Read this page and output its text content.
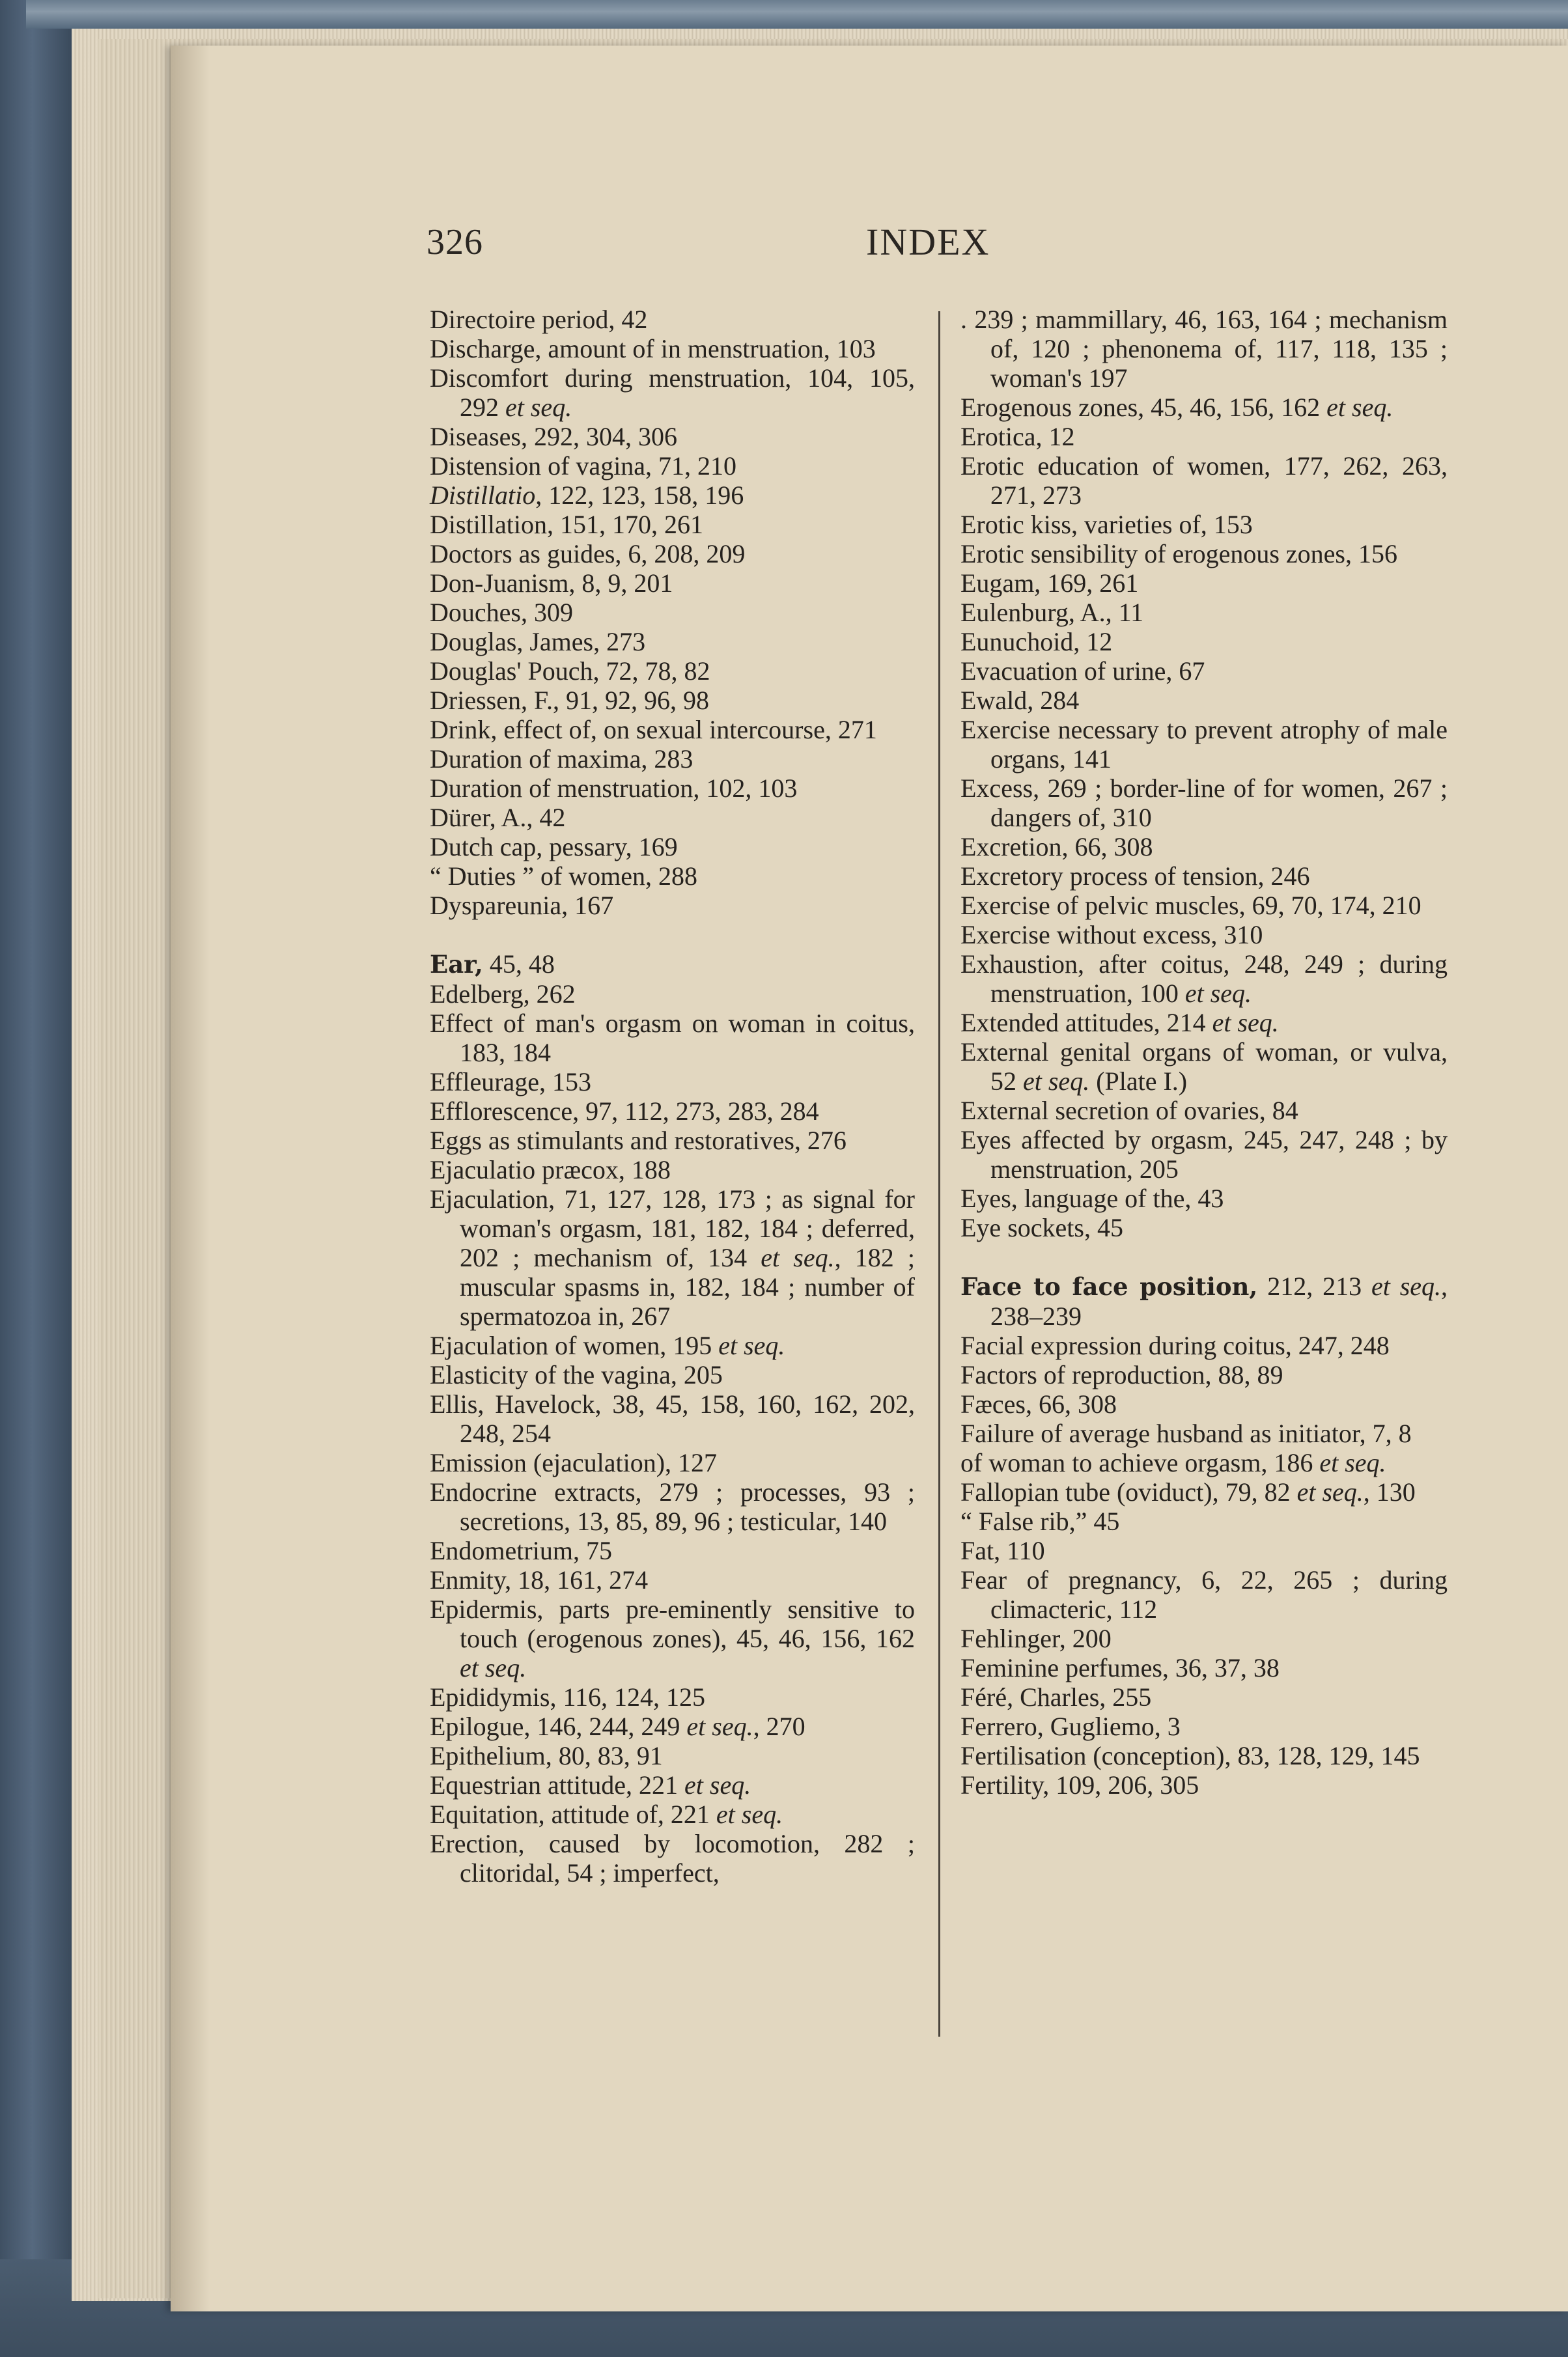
326	INDEX
Directoire period, 42
Discharge, amount of in menstruation, 103
Discomfort during menstruation, 104, 105, 292 et seq.
Diseases, 292, 304, 306
Distension of vagina, 71, 210
Distillatio, 122, 123, 158, 196
Distillation, 151, 170, 261
Doctors as guides, 6, 208, 209
Don-Juanism, 8, 9, 201
Douches, 309
Douglas, James, 273
Douglas' Pouch, 72, 78, 82
Driessen, F., 91, 92, 96, 98
Drink, effect of, on sexual intercourse, 271
Duration of maxima, 283
Duration of menstruation, 102, 103
Dürer, A., 42
Dutch cap, pessary, 169
“ Duties ” of women, 288
Dyspareunia, 167
Ear, 45, 48
Edelberg, 262
Effect of man's orgasm on woman in coitus, 183, 184
Effleurage, 153
Efflorescence, 97, 112, 273, 283, 284
Eggs as stimulants and restoratives, 276
Ejaculatio præcox, 188
Ejaculation, 71, 127, 128, 173 ; as signal for woman's orgasm, 181, 182, 184 ; deferred, 202 ; mechanism of, 134 et seq., 182 ; muscular spasms in, 182, 184 ; number of spermatozoa in, 267
Ejaculation of women, 195 et seq.
Elasticity of the vagina, 205
Ellis, Havelock, 38, 45, 158, 160, 162, 202, 248, 254
Emission (ejaculation), 127
Endocrine extracts, 279 ; processes, 93 ; secretions, 13, 85, 89, 96 ; testicular, 140
Endometrium, 75
Enmity, 18, 161, 274
Epidermis, parts pre-eminently sensitive to touch (erogenous zones), 45, 46, 156, 162 et seq.
Epididymis, 116, 124, 125
Epilogue, 146, 244, 249 et seq., 270
Epithelium, 80, 83, 91
Equestrian attitude, 221 et seq.
Equitation, attitude of, 221 et seq.
Erection, caused by locomotion, 282 ; clitoridal, 54 ; imperfect,
. 239 ; mammillary, 46, 163, 164 ; mechanism of, 120 ; phenonema of, 117, 118, 135 ; woman's 197
Erogenous zones, 45, 46, 156, 162 et seq.
Erotica, 12
Erotic education of women, 177, 262, 263, 271, 273
Erotic kiss, varieties of, 153
Erotic sensibility of erogenous zones, 156
Eugam, 169, 261
Eulenburg, A., 11
Eunuchoid, 12
Evacuation of urine, 67
Ewald, 284
Exercise necessary to prevent atrophy of male organs, 141
Excess, 269 ; border-line of for women, 267 ; dangers of, 310
Excretion, 66, 308
Excretory process of tension, 246
Exercise of pelvic muscles, 69, 70, 174, 210
Exercise without excess, 310
Exhaustion, after coitus, 248, 249 ; during menstruation, 100 et seq.
Extended attitudes, 214 et seq.
External genital organs of woman, or vulva, 52 et seq. (Plate I.)
External secretion of ovaries, 84
Eyes affected by orgasm, 245, 247, 248 ; by menstruation, 205
Eyes, language of the, 43
Eye sockets, 45
Face to face position, 212, 213 et seq., 238–239
Facial expression during coitus, 247, 248
Factors of reproduction, 88, 89
Fæces, 66, 308
Failure of average husband as initiator, 7, 8
of woman to achieve orgasm, 186 et seq.
Fallopian tube (oviduct), 79, 82 et seq., 130
“ False rib,” 45
Fat, 110
Fear of pregnancy, 6, 22, 265 ; during climacteric, 112
Fehlinger, 200
Feminine perfumes, 36, 37, 38
Féré, Charles, 255
Ferrero, Gugliemo, 3
Fertilisation (conception), 83, 128, 129, 145
Fertility, 109, 206, 305
